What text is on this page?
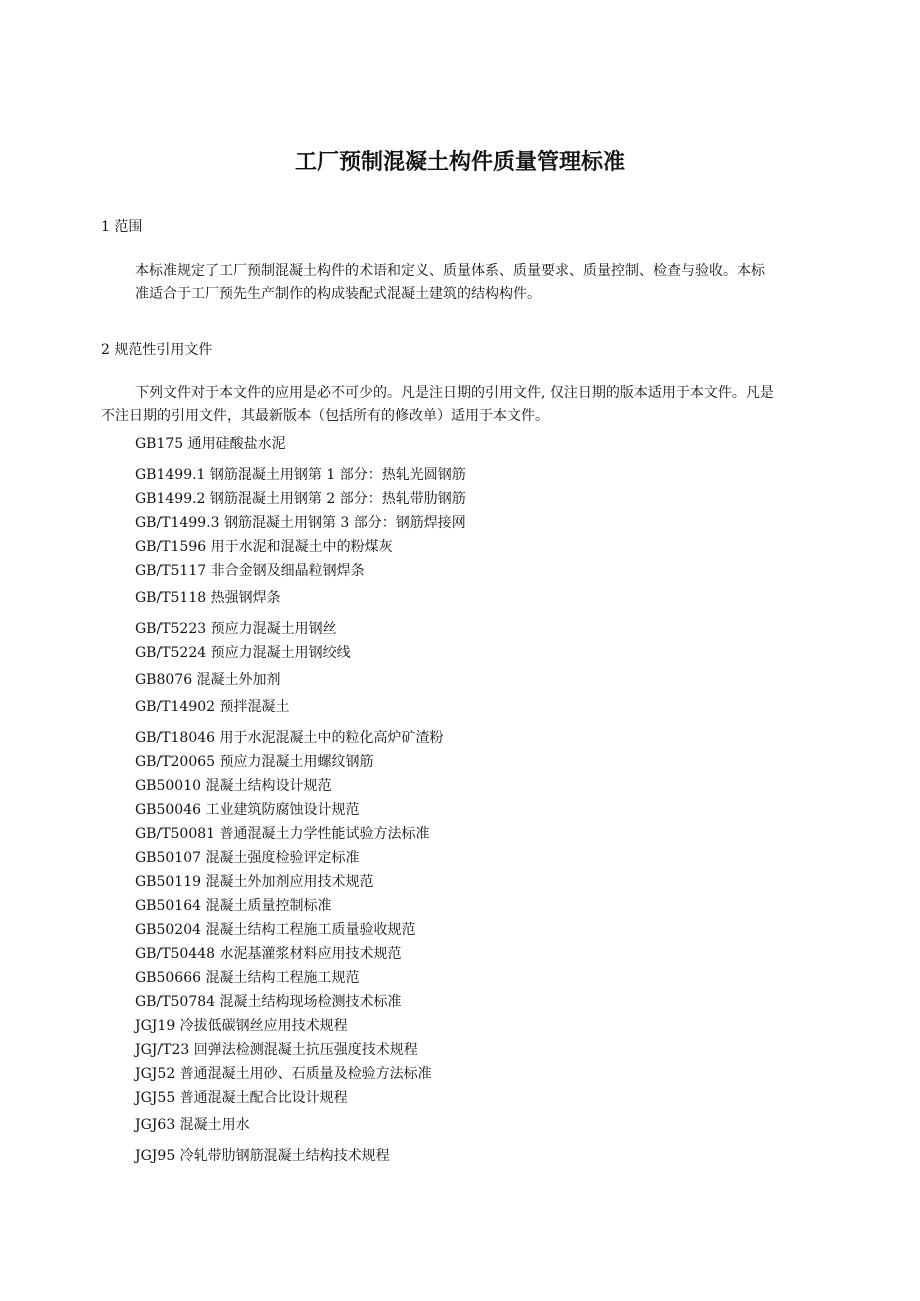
工厂预制混凝土构件质量管理标准

1 范围

本标准规定了工厂预制混凝土构件的术语和定义、质量体系、质量要求、质量控制、检查与验收。本标
准适合于工厂预先生产制作的构成装配式混凝土建筑的结构构件。

2 规范性引用文件

下列文件对于本文件的应用是必不可少的。凡是注日期的引用文件, 仅注日期的版本适用于本文件。凡是
不注日期的引用文件，其最新版本（包括所有的修改单）适用于本文件。

GB175 通用硅酸盐水泥

GB1499.1 钢筋混凝土用钢第 1 部分：热轧光圆钢筋

GB1499.2 钢筋混凝土用钢第 2 部分：热轧带肋钢筋

GB/T1499.3 钢筋混凝土用钢第 3 部分：钢筋焊接网

GB/T1596 用于水泥和混凝土中的粉煤灰

GB/T5117 非合金钢及细晶粒钢焊条

GB/T5118 热强钢焊条

GB/T5223 预应力混凝土用钢丝

GB/T5224 预应力混凝土用钢绞线

GB8076 混凝土外加剂

GB/T14902 预拌混凝土

GB/T18046 用于水泥混凝土中的粒化高炉矿渣粉

GB/T20065 预应力混凝土用螺纹钢筋

GB50010 混凝土结构设计规范

GB50046 工业建筑防腐蚀设计规范

GB/T50081 普通混凝土力学性能试验方法标准

GB50107 混凝土强度检验评定标准

GB50119 混凝土外加剂应用技术规范

GB50164 混凝土质量控制标准

GB50204 混凝土结构工程施工质量验收规范

GB/T50448 水泥基灌浆材料应用技术规范

GB50666 混凝土结构工程施工规范

GB/T50784 混凝土结构现场检测技术标准

JGJ19 冷拔低碳钢丝应用技术规程

JGJ/T23 回弹法检测混凝土抗压强度技术规程

JGJ52 普通混凝土用砂、石质量及检验方法标准

JGJ55 普通混凝土配合比设计规程

JGJ63 混凝土用水

JGJ95 冷轧带肋钢筋混凝土结构技术规程
